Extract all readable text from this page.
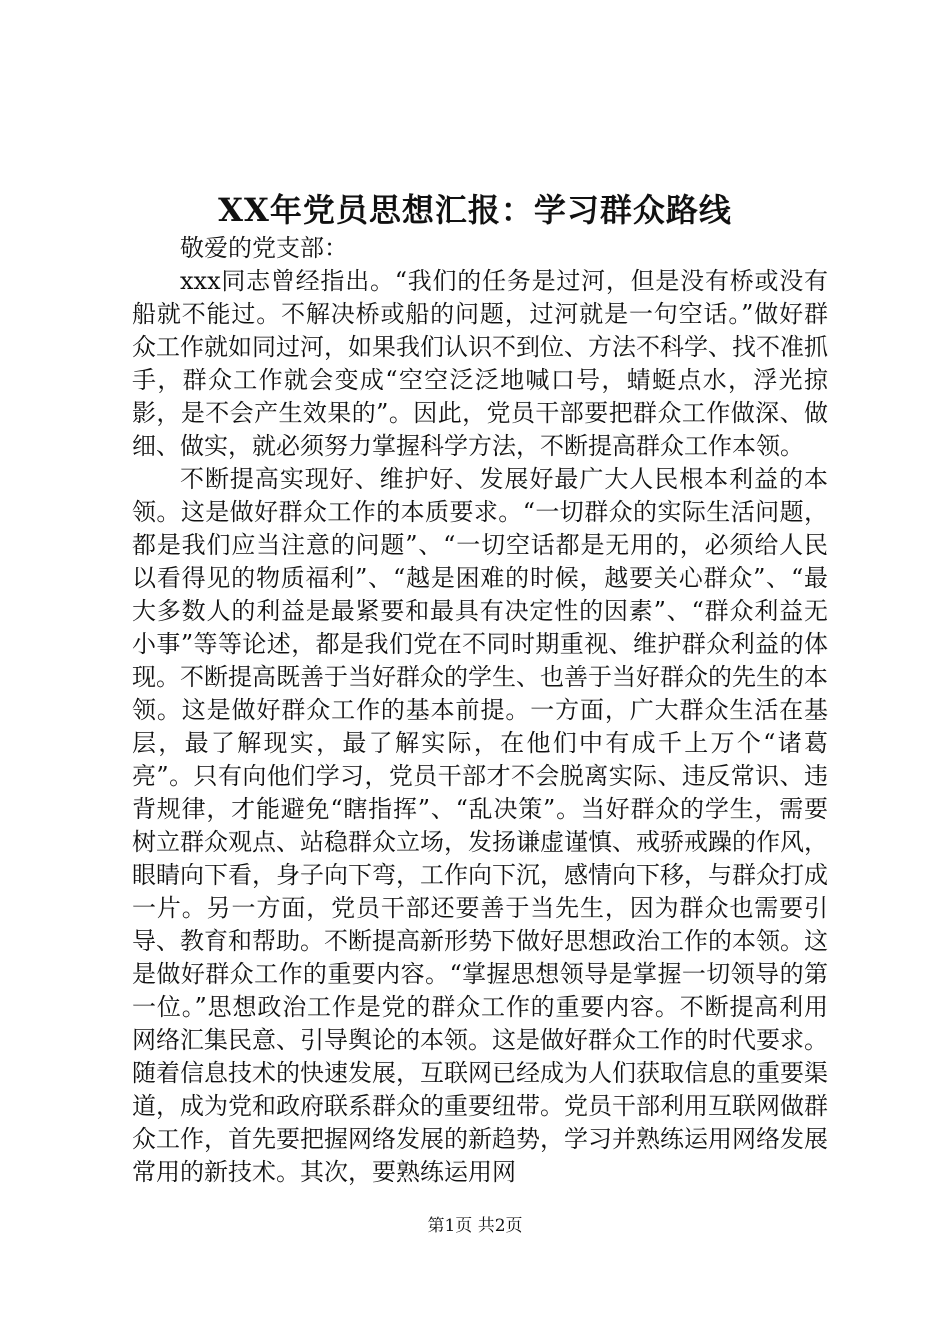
XX年党员思想汇报：学习群众路线

敬爱的党支部：

xxx同志曾经指出。“我们的任务是过河，但是没有桥或没有船就不能过。不解决桥或船的问题，过河就是一句空话。”做好群众工作就如同过河，如果我们认识不到位、方法不科学、找不准抓手，群众工作就会变成“空空泛泛地喊口号，蜻蜓点水，浮光掠影，是不会产生效果的”。因此，党员干部要把群众工作做深、做细、做实，就必须努力掌握科学方法，不断提高群众工作本领。

不断提高实现好、维护好、发展好最广大人民根本利益的本领。这是做好群众工作的本质要求。“一切群众的实际生活问题，都是我们应当注意的问题”、“一切空话都是无用的，必须给人民以看得见的物质福利”、“越是困难的时候，越要关心群众”、“最大多数人的利益是最紧要和最具有决定性的因素”、“群众利益无小事”等等论述，都是我们党在不同时期重视、维护群众利益的体现。不断提高既善于当好群众的学生、也善于当好群众的先生的本领。这是做好群众工作的基本前提。一方面，广大群众生活在基层，最了解现实，最了解实际，在他们中有成千上万个“诸葛亮”。只有向他们学习，党员干部才不会脱离实际、违反常识、违背规律，才能避免“瞎指挥”、“乱决策”。当好群众的学生，需要树立群众观点、站稳群众立场，发扬谦虚谨慎、戒骄戒躁的作风，眼睛向下看，身子向下弯，工作向下沉，感情向下移，与群众打成一片。另一方面，党员干部还要善于当先生，因为群众也需要引导、教育和帮助。不断提高新形势下做好思想政治工作的本领。这是做好群众工作的重要内容。“掌握思想领导是掌握一切领导的第一位。”思想政治工作是党的群众工作的重要内容。不断提高利用网络汇集民意、引导舆论的本领。这是做好群众工作的时代要求。随着信息技术的快速发展，互联网已经成为人们获取信息的重要渠道，成为党和政府联系群众的重要纽带。党员干部利用互联网做群众工作，首先要把握网络发展的新趋势，学习并熟练运用网络发展常用的新技术。其次，要熟练运用网

第1页 共2页
